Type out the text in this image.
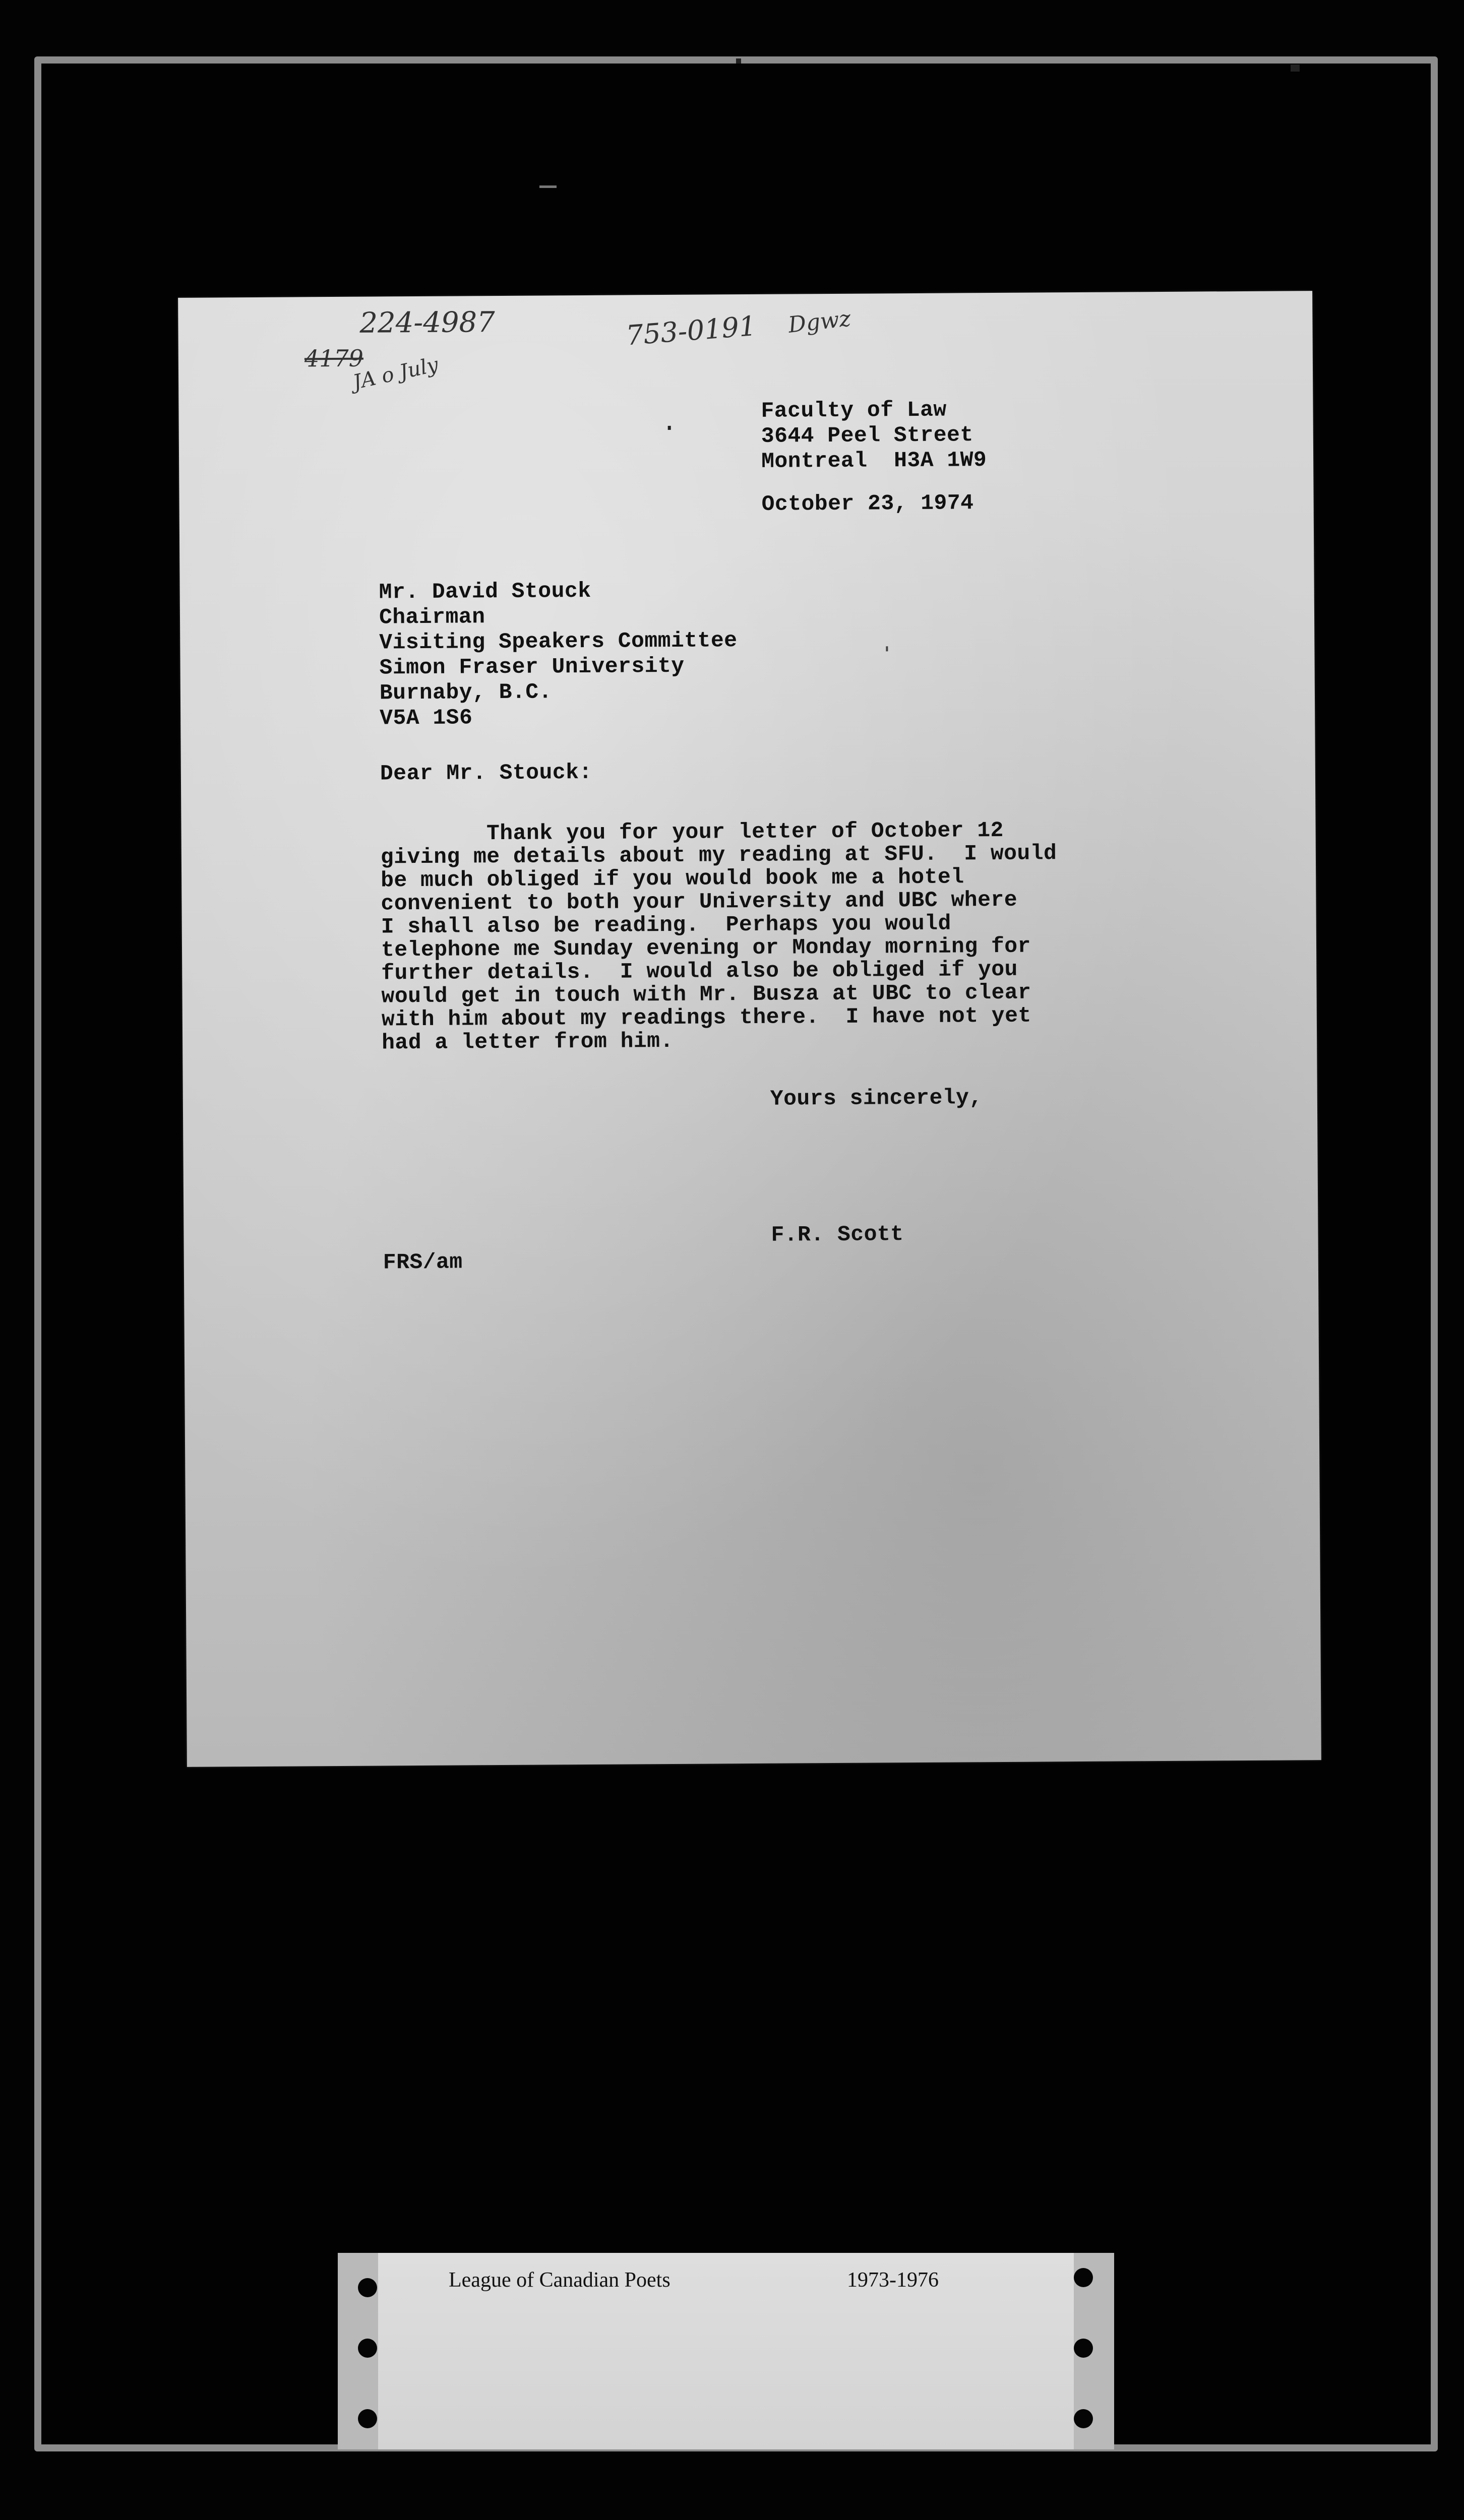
224-4987
4179
JA o July
753-0191 Dgwz
Faculty of Law
3644 Peel Street
Montreal  H3A 1W9
October 23, 1974
Mr. David Stouck
Chairman
Visiting Speakers Committee
Simon Fraser University
Burnaby, B.C.
V5A 1S6
Dear Mr. Stouck:
Thank you for your letter of October 12
giving me details about my reading at SFU.  I would
be much obliged if you would book me a hotel
convenient to both your University and UBC where
I shall also be reading.  Perhaps you would
telephone me Sunday evening or Monday morning for
further details.  I would also be obliged if you
would get in touch with Mr. Busza at UBC to clear
with him about my readings there.  I have not yet
had a letter from him.
Yours sincerely,
F.R. Scott
FRS/am
League of Canadian Poets	1973-1976
